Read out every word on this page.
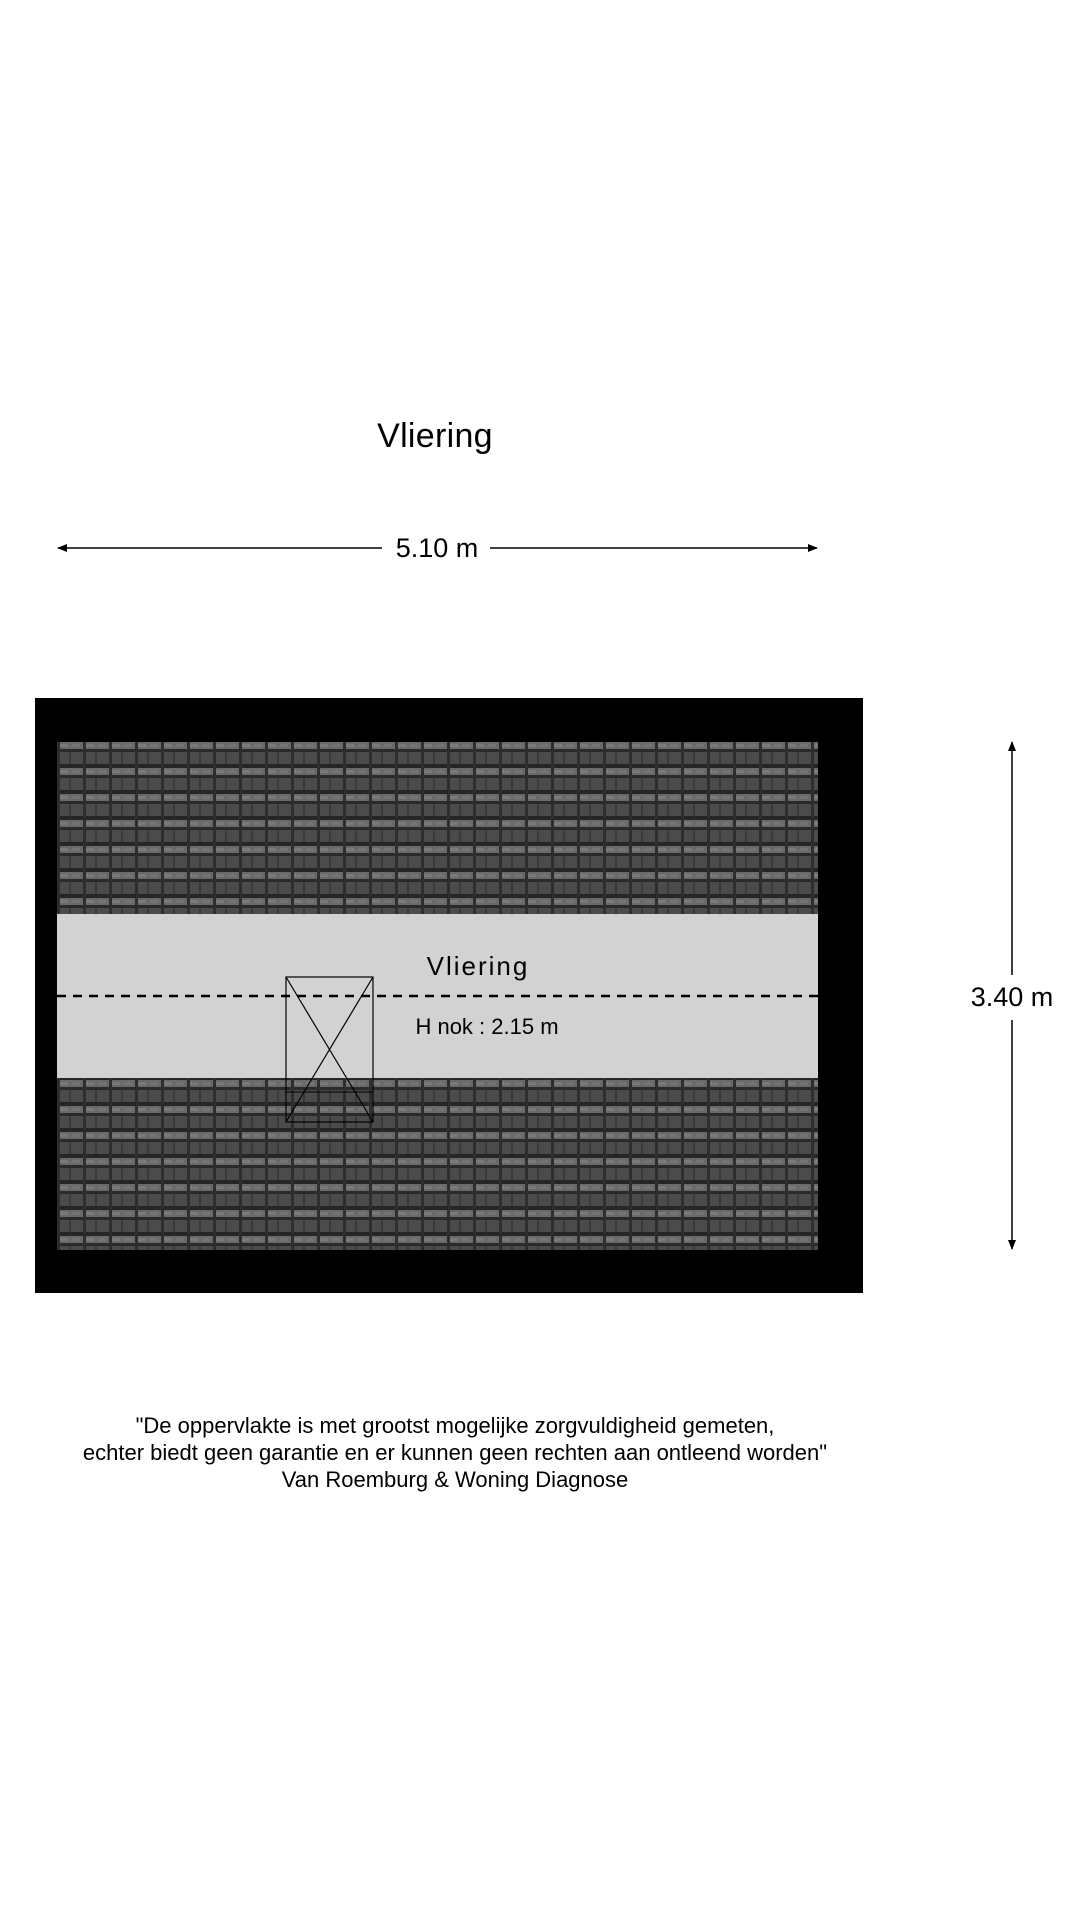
Vliering
5.10 m
3.40 m
Vliering
H nok : 2.15 m
"De oppervlakte is met grootst mogelijke zorgvuldigheid gemeten,
echter biedt geen garantie en er kunnen geen rechten aan ontleend worden"
Van Roemburg & Woning Diagnose
